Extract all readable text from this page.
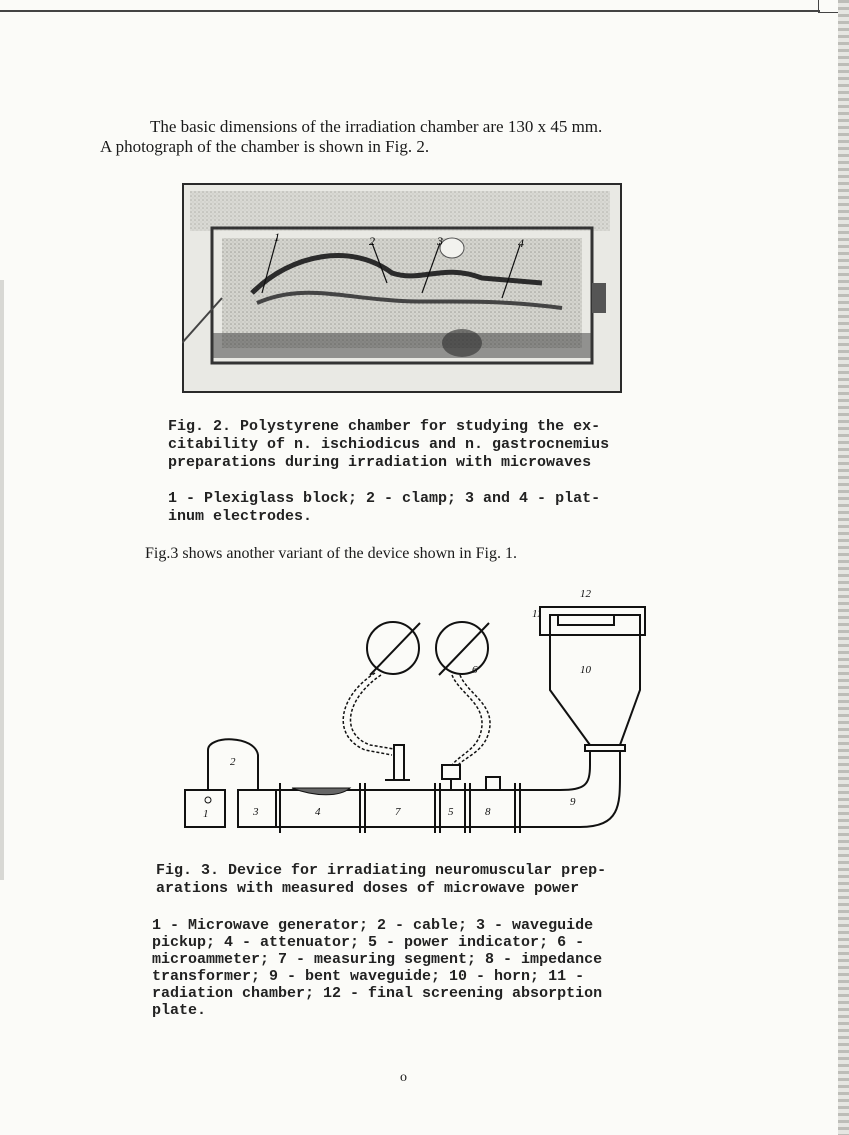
The basic dimensions of the irradiation chamber are 130 x 45 mm.
A photograph of the chamber is shown in Fig. 2.
1	2	3	4
Fig. 2. Polystyrene chamber for studying the ex-
citability of n. ischiodicus and n. gastrocnemius
preparations during irradiation with microwaves
1 - Plexiglass block; 2 - clamp; 3 and 4 - plat-
inum electrodes.
Fig.3 shows another variant of the device shown in Fig. 1.
1
2
3	4	5
6
7	8
9
10
11
12
Fig. 3. Device for irradiating neuromuscular prep-
arations with measured doses of microwave power
1 - Microwave generator; 2 - cable; 3 - waveguide
pickup; 4 - attenuator; 5 - power indicator; 6 -
microammeter; 7 - measuring segment; 8 - impedance
transformer; 9 - bent waveguide; 10 - horn; 11 -
radiation chamber; 12 - final screening absorption
plate.
o
